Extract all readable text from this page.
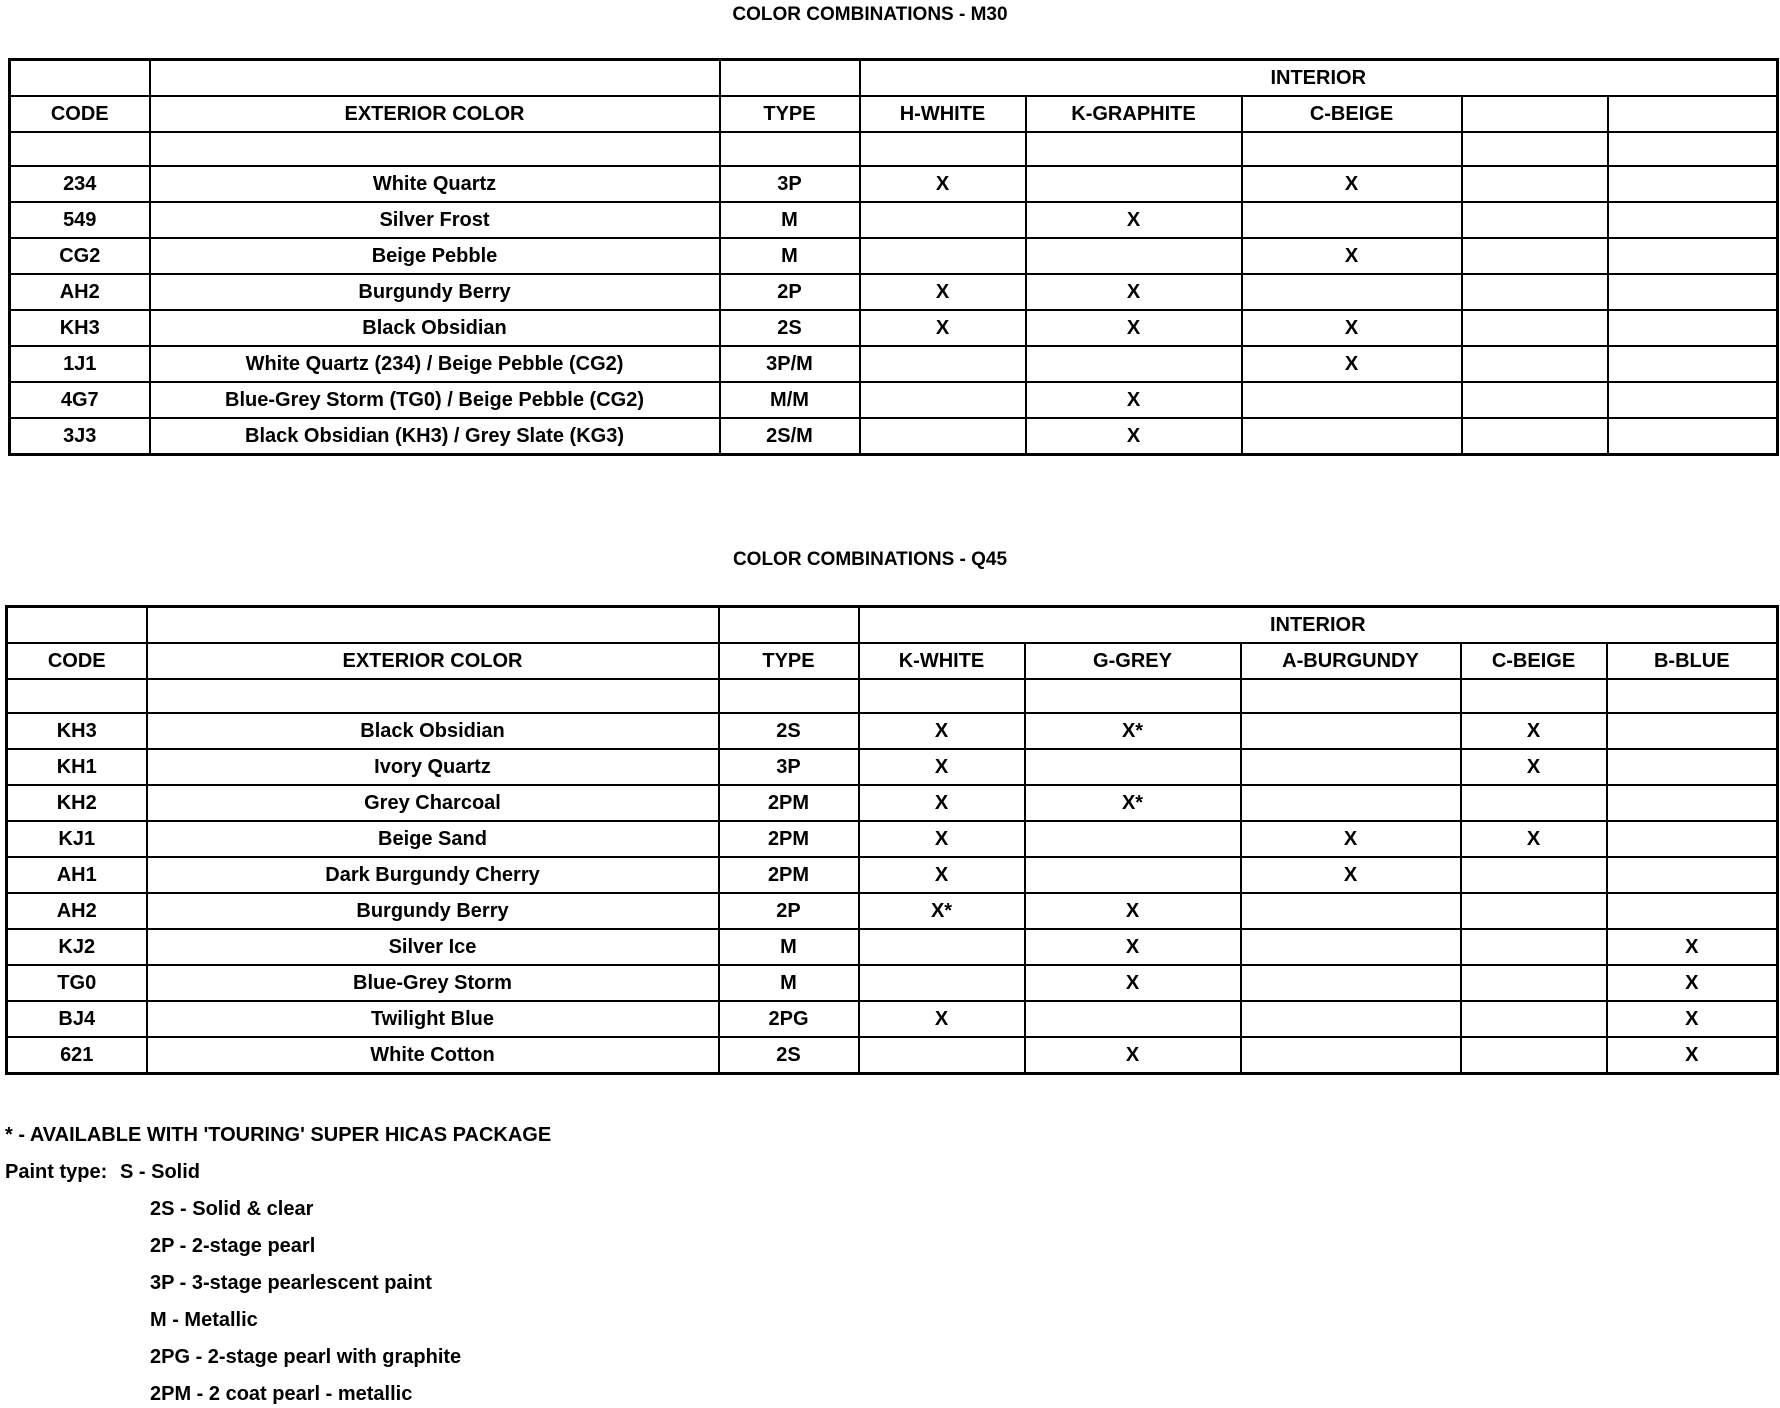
COLOR COMBINATIONS - M30
			INTERIOR				
CODE	EXTERIOR COLOR	TYPE	H-WHITE	K-GRAPHITE	C-BEIGE		

234	White Quartz	3P	X		X		
549	Silver Frost	M		X			
CG2	Beige Pebble	M			X		
AH2	Burgundy Berry	2P	X	X			
KH3	Black Obsidian	2S	X	X	X		
1J1	White Quartz (234) / Beige Pebble (CG2)	3P/M			X		
4G7	Blue-Grey Storm (TG0) / Beige Pebble (CG2)	M/M		X			
3J3	Black Obsidian (KH3) / Grey Slate (KG3)	2S/M		X			
COLOR COMBINATIONS - Q45
			INTERIOR				
CODE	EXTERIOR COLOR	TYPE	K-WHITE	G-GREY	A-BURGUNDY	C-BEIGE	B-BLUE

KH3	Black Obsidian	2S	X	X*		X	
KH1	Ivory Quartz	3P	X			X	
KH2	Grey Charcoal	2PM	X	X*			
KJ1	Beige Sand	2PM	X		X	X	
AH1	Dark Burgundy Cherry	2PM	X		X		
AH2	Burgundy Berry	2P	X*	X			
KJ2	Silver Ice	M		X			X
TG0	Blue-Grey Storm	M		X			X
BJ4	Twilight Blue	2PG	X				X
621	White Cotton	2S		X			X
* - AVAILABLE WITH 'TOURING' SUPER HICAS PACKAGE
Paint type: S - Solid
2S - Solid & clear
2P - 2-stage pearl
3P - 3-stage pearlescent paint
M - Metallic
2PG - 2-stage pearl with graphite
2PM - 2 coat pearl - metallic
